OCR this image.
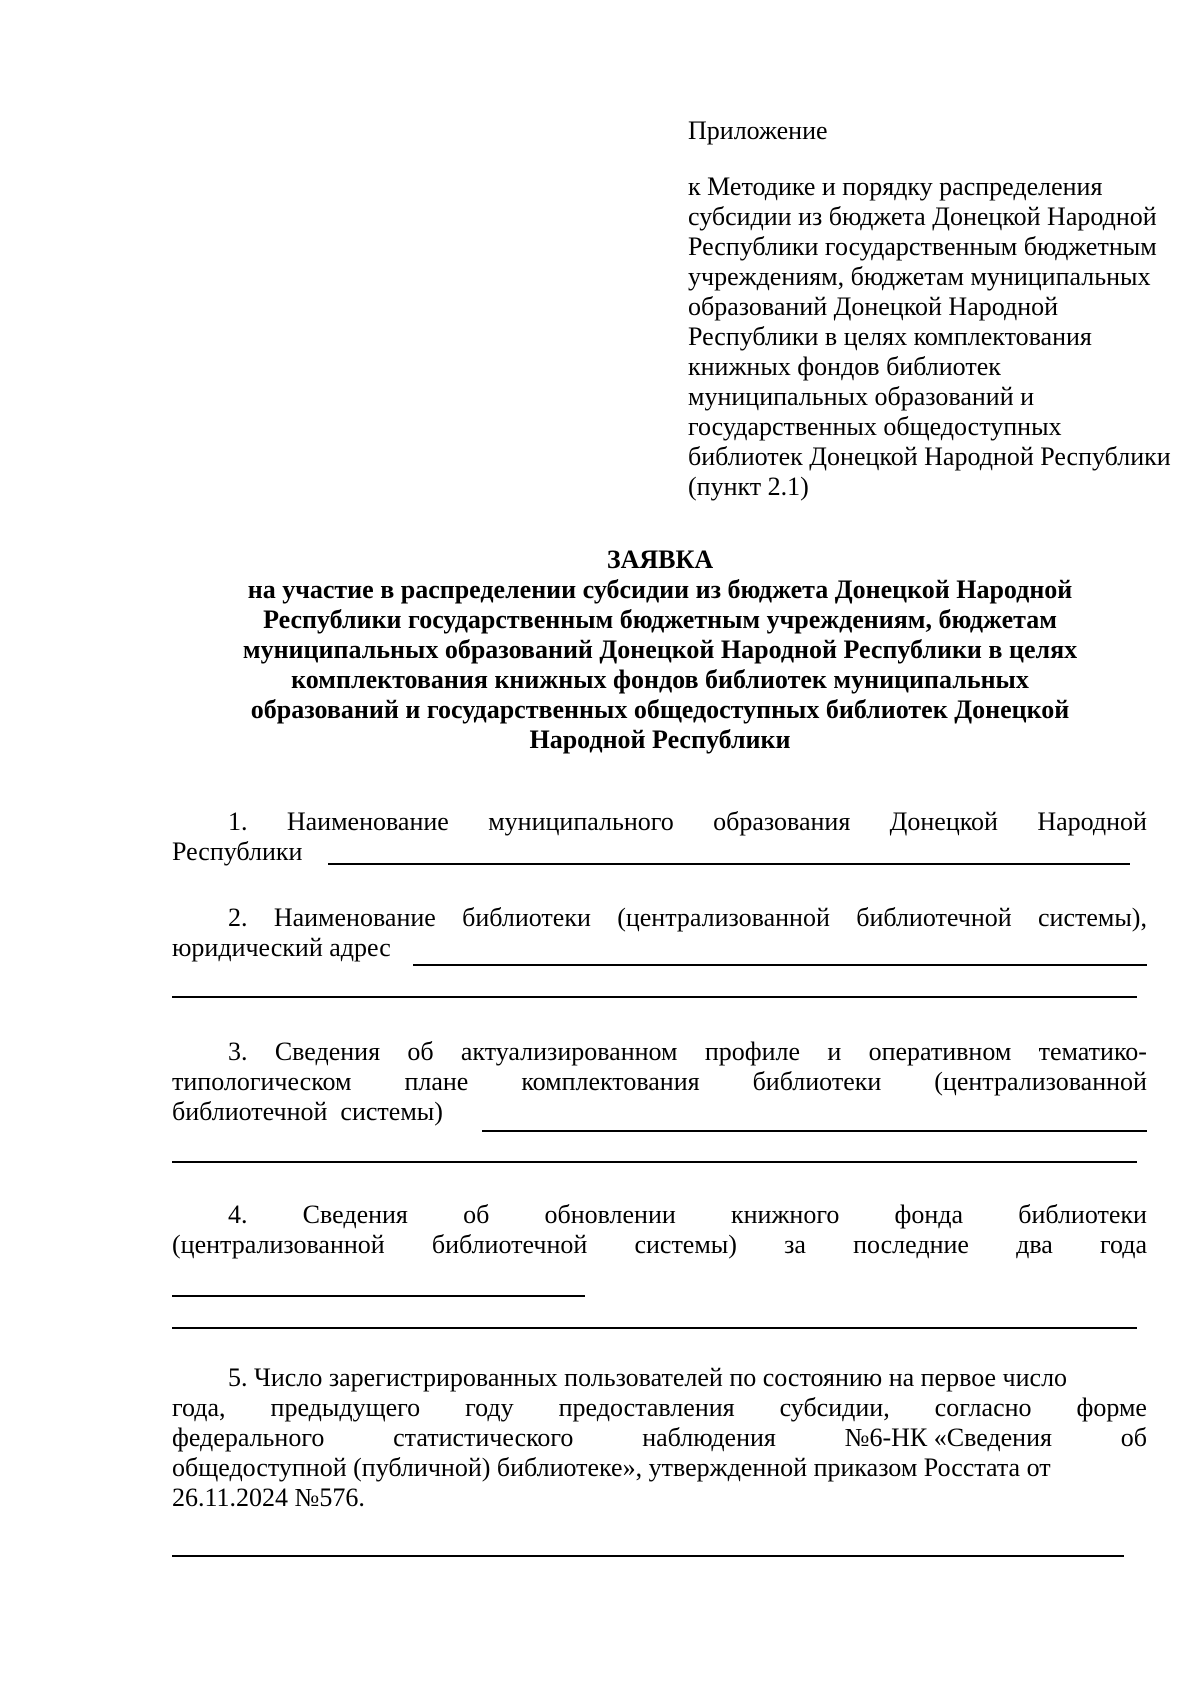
Приложение
к Методике и порядку распределения
субсидии из бюджета Донецкой Народной
Республики государственным бюджетным
учреждениям, бюджетам муниципальных
образований Донецкой Народной
Республики в целях комплектования
книжных фондов библиотек
муниципальных образований и
государственных общедоступных
библиотек Донецкой Народной Республики
(пункт 2.1)
ЗАЯВКА
на участие в распределении субсидии из бюджета Донецкой Народной
Республики государственным бюджетным учреждениям, бюджетам
муниципальных образований Донецкой Народной Республики в целях
комплектования книжных фондов библиотек муниципальных
образований и государственных общедоступных библиотек Донецкой
Народной Республики
1. Наименование муниципального образования Донецкой Народной
Республики
2. Наименование библиотеки (централизованной библиотечной системы),
юридический адрес
3. Сведения об актуализированном профиле и оперативном тематико-
типологическом плане комплектования библиотеки (централизованной
библиотечной  системы)
4. Сведения об обновлении книжного фонда библиотеки
(централизованной библиотечной системы) за последние два года
5. Число зарегистрированных пользователей по состоянию на первое число
года, предыдущего году предоставления субсидии, согласно форме
федерального	статистического	наблюдения	№6-НК «Сведения	об
общедоступной (публичной) библиотеке», утвержденной приказом Росстата от
26.11.2024 №576.
